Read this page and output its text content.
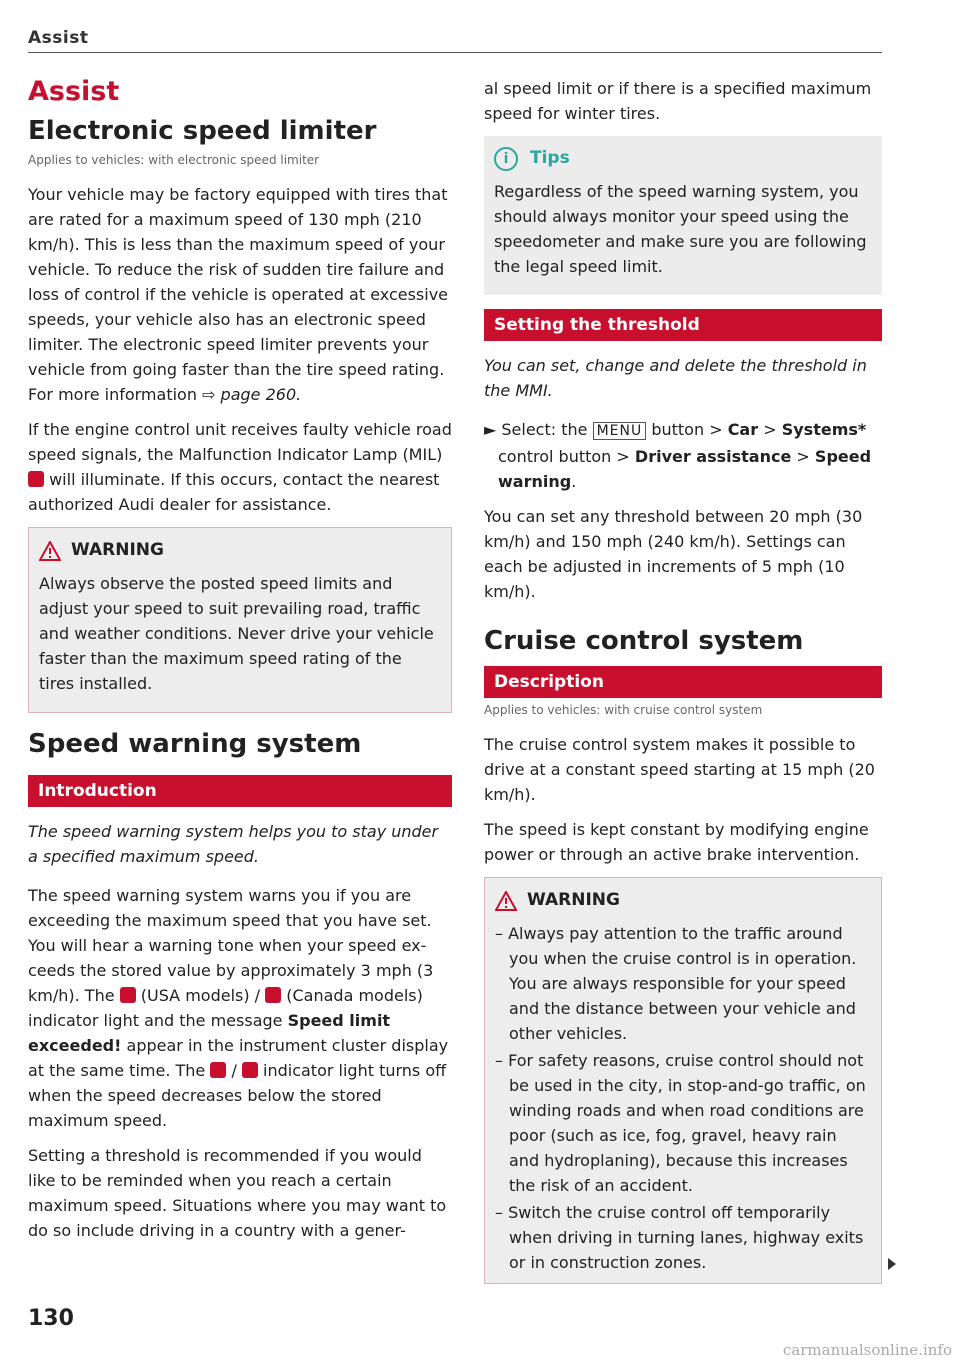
Assist
Assist
Electronic speed limiter
Applies to vehicles: with electronic speed limiter

Your vehicle may be factory equipped with tires that are rated for a maximum speed of 130 mph (210 km/h). This is less than the maximum speed of your vehicle. To reduce the risk of sudden tire failure and loss of control if the vehicle is operated at excessive speeds, your vehicle also has an electronic speed limiter. The electronic speed limiter prevents your vehicle from going faster than the tire speed rating. For more information ⇨ page 260.

If the engine control unit receives faulty vehicle road speed signals, the Malfunction Indicator Lamp (MIL)  will illuminate. If this occurs, contact the nearest authorized Audi dealer for assistance.

WARNING

Always observe the posted speed limits and adjust your speed to suit prevailing road, traffic and weather conditions. Never drive your vehicle faster than the maximum speed rating of the tires installed.

Speed warning system
Introduction

The speed warning system helps you to stay under a specified maximum speed.

The speed warning system warns you if you are exceeding the maximum speed that you have set. You will hear a warning tone when your speed exceeds the stored value by approximately 3 mph (3 km/h). The (USA models) / (Canada models) indicator light and the message Speed limit exceeded! appear in the instrument cluster display at the same time. The / indicator light turns off when the speed decreases below the stored maximum speed.

Setting a threshold is recommended if you would like to be reminded when you reach a certain maximum speed. Situations where you may want to do so include driving in a country with a gener-

al speed limit or if there is a specified maximum speed for winter tires.

i	Tips

Regardless of the speed warning system, you should always monitor your speed using the speedometer and make sure you are following the legal speed limit.

Setting the threshold

You can set, change and delete the threshold in the MMI.

► Select: the MENU button > Car > Systems* control button > Driver assistance > Speed warning.

You can set any threshold between 20 mph (30 km/h) and 150 mph (240 km/h). Settings can each be adjusted in increments of 5 mph (10 km/h).

Cruise control system
Description
Applies to vehicles: with cruise control system

The cruise control system makes it possible to drive at a constant speed starting at 15 mph (20 km/h).

The speed is kept constant by modifying engine power or through an active brake intervention.

WARNING
– Always pay attention to the traffic around you when the cruise control is in operation. You are always responsible for your speed and the distance between your vehicle and other vehicles.
– For safety reasons, cruise control should not be used in the city, in stop-and-go traffic, on winding roads and when road conditions are poor (such as ice, fog, gravel, heavy rain and hydroplaning), because this increases the risk of an accident.
– Switch the cruise control off temporarily when driving in turning lanes, highway exits or in construction zones.
130
carmanualsonline.info
